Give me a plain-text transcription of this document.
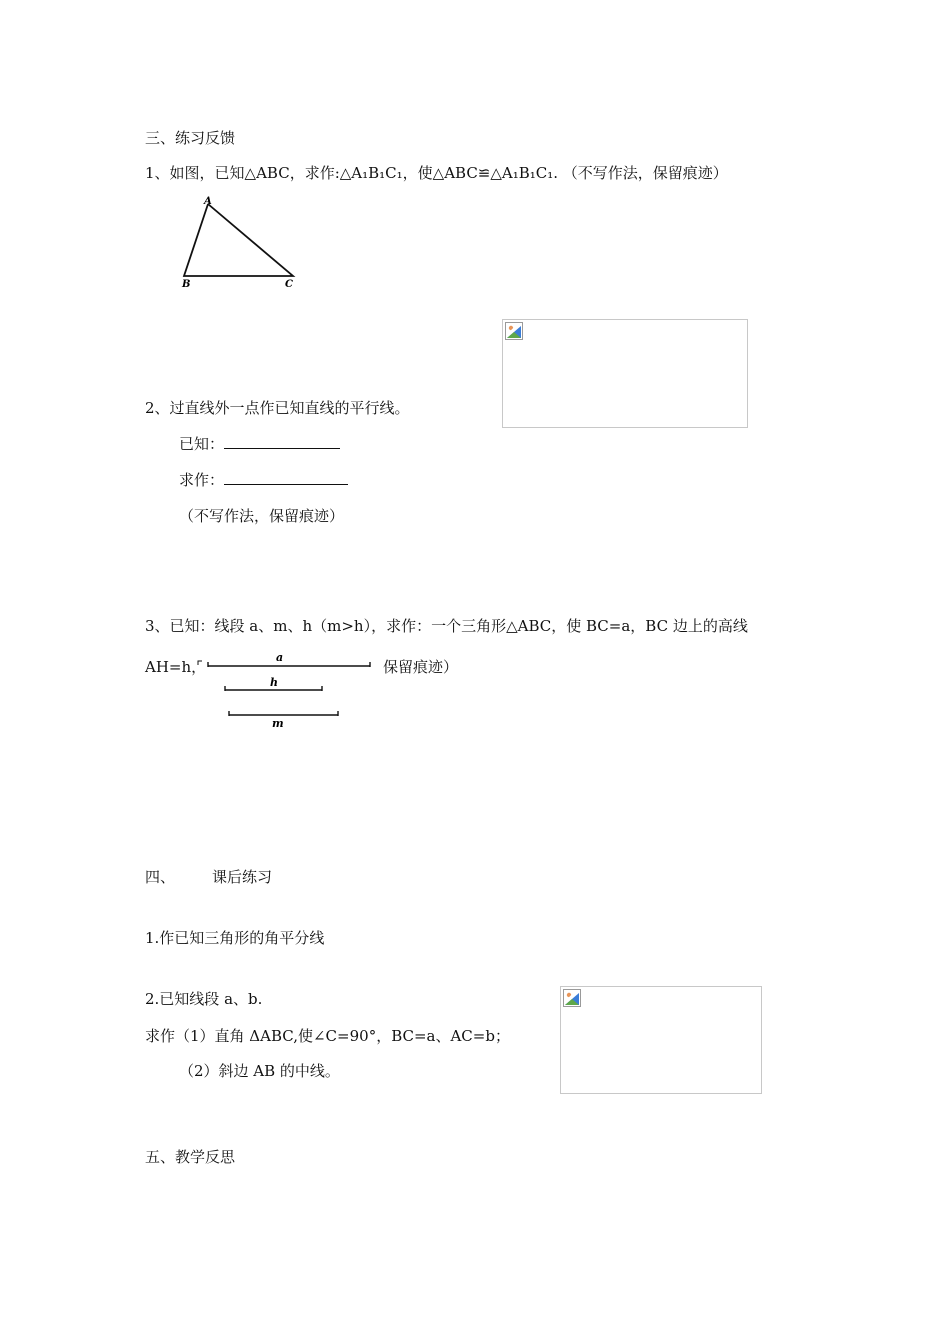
三、练习反馈
1、如图，已知△ABC，求作:△A₁B₁C₁，使△ABC≌△A₁B₁C₁. （不写作法，保留痕迹）
A
B	C
2、过直线外一点作已知直线的平行线。
已知：
求作：
（不写作法，保留痕迹）
3、已知：线段 a、m、h（m>h），求作：一个三角形△ABC，使 BC=a，BC 边上的高线
AH=h，
a
h
m
保留痕迹）
四、 课后练习
1.作已知三角形的角平分线
2.已知线段 a、b.
求作（1）直角 ΔABC,使∠C=90°，BC=a、AC=b；
（2）斜边 AB 的中线。
五、教学反思
